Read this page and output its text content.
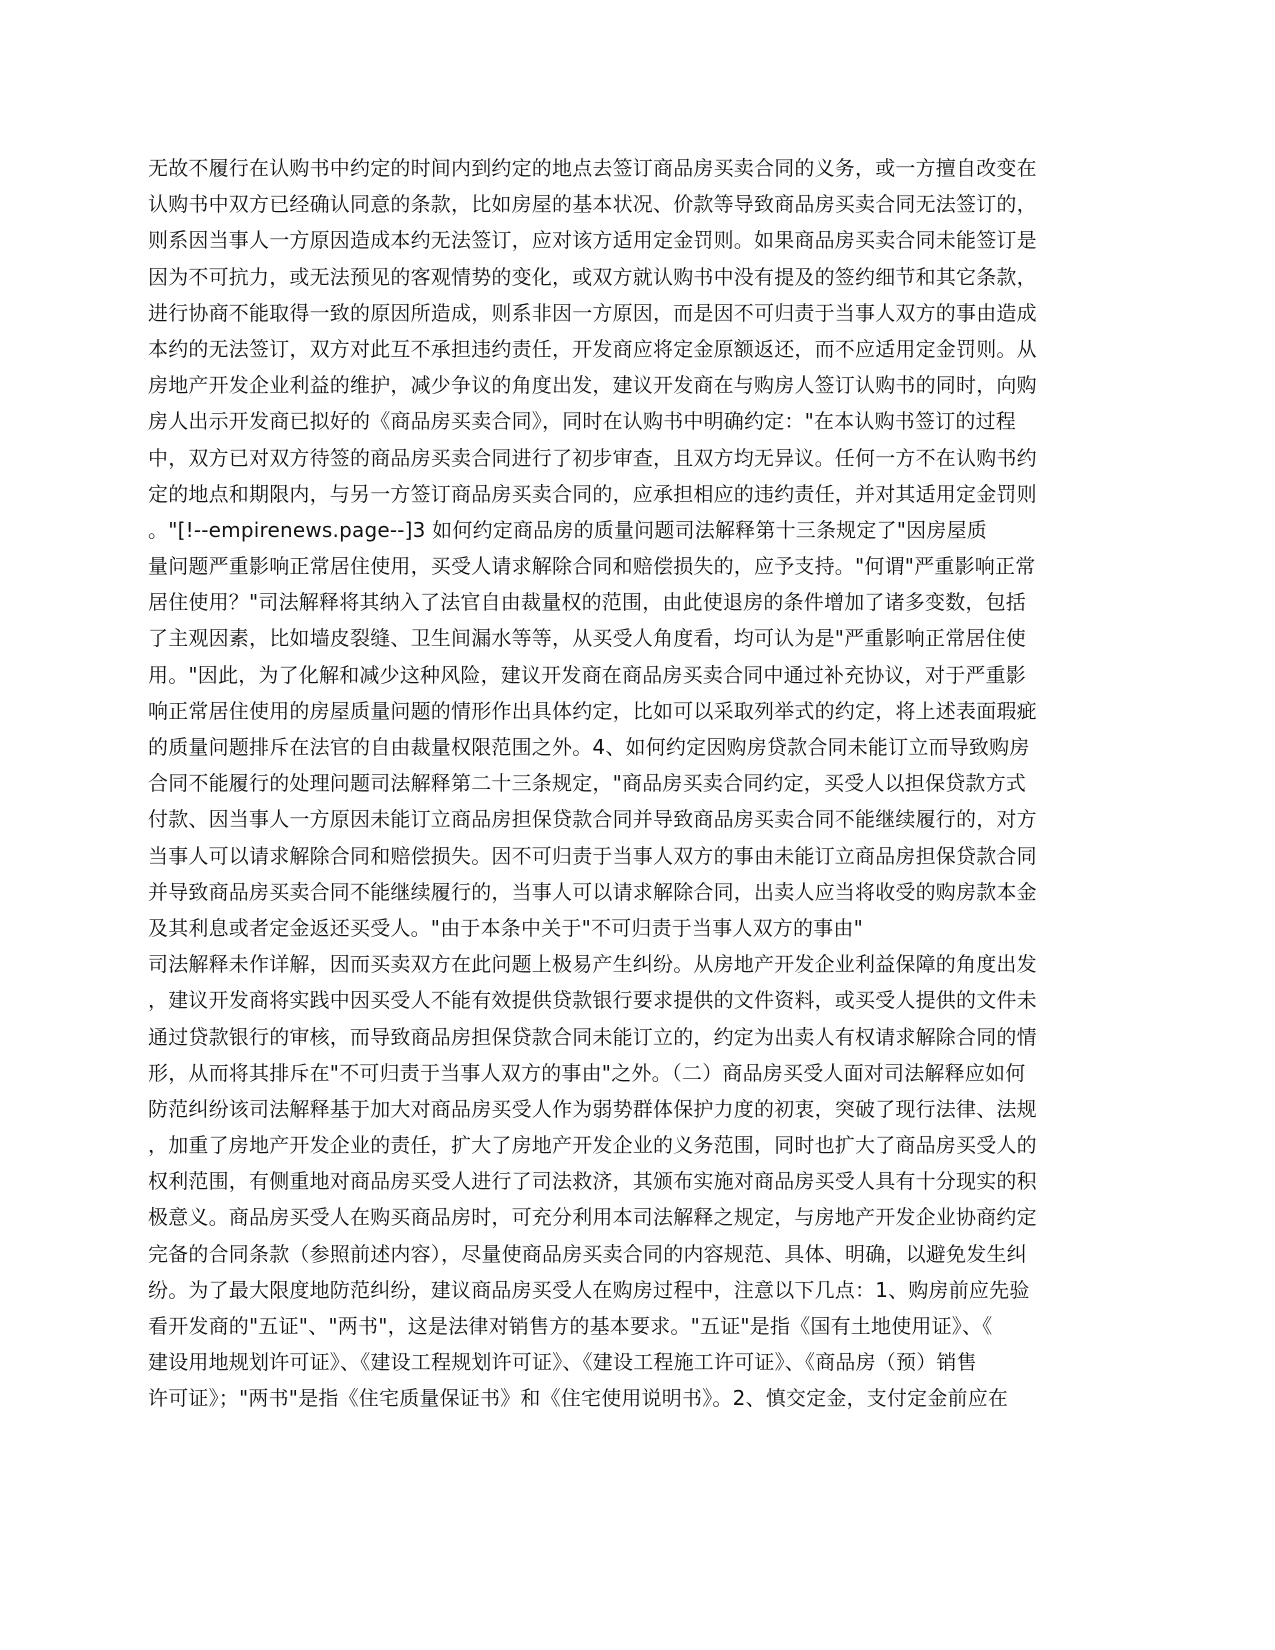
无故不履行在认购书中约定的时间内到约定的地点去签订商品房买卖合同的义务，或一方擅自改变在
认购书中双方已经确认同意的条款，比如房屋的基本状况、价款等导致商品房买卖合同无法签订的，
则系因当事人一方原因造成本约无法签订，应对该方适用定金罚则。如果商品房买卖合同未能签订是
因为不可抗力，或无法预见的客观情势的变化，或双方就认购书中没有提及的签约细节和其它条款，
进行协商不能取得一致的原因所造成，则系非因一方原因，而是因不可归责于当事人双方的事由造成
本约的无法签订，双方对此互不承担违约责任，开发商应将定金原额返还，而不应适用定金罚则。从
房地产开发企业利益的维护，减少争议的角度出发，建议开发商在与购房人签订认购书的同时，向购
房人出示开发商已拟好的《商品房买卖合同》，同时在认购书中明确约定："在本认购书签订的过程
中，双方已对双方待签的商品房买卖合同进行了初步审查，且双方均无异议。任何一方不在认购书约
定的地点和期限内，与另一方签订商品房买卖合同的，应承担相应的违约责任，并对其适用定金罚则
。"[!--empirenews.page--]3 如何约定商品房的质量问题司法解释第十三条规定了"因房屋质
量问题严重影响正常居住使用，买受人请求解除合同和赔偿损失的，应予支持。"何谓"严重影响正常
居住使用？"司法解释将其纳入了法官自由裁量权的范围，由此使退房的条件增加了诸多变数，包括
了主观因素，比如墙皮裂缝、卫生间漏水等等，从买受人角度看，均可认为是"严重影响正常居住使
用。"因此，为了化解和减少这种风险，建议开发商在商品房买卖合同中通过补充协议，对于严重影
响正常居住使用的房屋质量问题的情形作出具体约定，比如可以采取列举式的约定，将上述表面瑕疵
的质量问题排斥在法官的自由裁量权限范围之外。4、如何约定因购房贷款合同未能订立而导致购房
合同不能履行的处理问题司法解释第二十三条规定，"商品房买卖合同约定，买受人以担保贷款方式
付款、因当事人一方原因未能订立商品房担保贷款合同并导致商品房买卖合同不能继续履行的，对方
当事人可以请求解除合同和赔偿损失。因不可归责于当事人双方的事由未能订立商品房担保贷款合同
并导致商品房买卖合同不能继续履行的，当事人可以请求解除合同，出卖人应当将收受的购房款本金
及其利息或者定金返还买受人。"由于本条中关于"不可归责于当事人双方的事由"
司法解释未作详解，因而买卖双方在此问题上极易产生纠纷。从房地产开发企业利益保障的角度出发
，建议开发商将实践中因买受人不能有效提供贷款银行要求提供的文件资料，或买受人提供的文件未
通过贷款银行的审核，而导致商品房担保贷款合同未能订立的，约定为出卖人有权请求解除合同的情
形，从而将其排斥在"不可归责于当事人双方的事由"之外。（二）商品房买受人面对司法解释应如何
防范纠纷该司法解释基于加大对商品房买受人作为弱势群体保护力度的初衷，突破了现行法律、法规
，加重了房地产开发企业的责任，扩大了房地产开发企业的义务范围，同时也扩大了商品房买受人的
权利范围，有侧重地对商品房买受人进行了司法救济，其颁布实施对商品房买受人具有十分现实的积
极意义。商品房买受人在购买商品房时，可充分利用本司法解释之规定，与房地产开发企业协商约定
完备的合同条款（参照前述内容），尽量使商品房买卖合同的内容规范、具体、明确，以避免发生纠
纷。为了最大限度地防范纠纷，建议商品房买受人在购房过程中，注意以下几点：1、购房前应先验
看开发商的"五证"、"两书"，这是法律对销售方的基本要求。"五证"是指《国有土地使用证》、《
建设用地规划许可证》、《建设工程规划许可证》、《建设工程施工许可证》、《商品房（预）销售
许可证》；"两书"是指《住宅质量保证书》和《住宅使用说明书》。2、慎交定金，支付定金前应在
